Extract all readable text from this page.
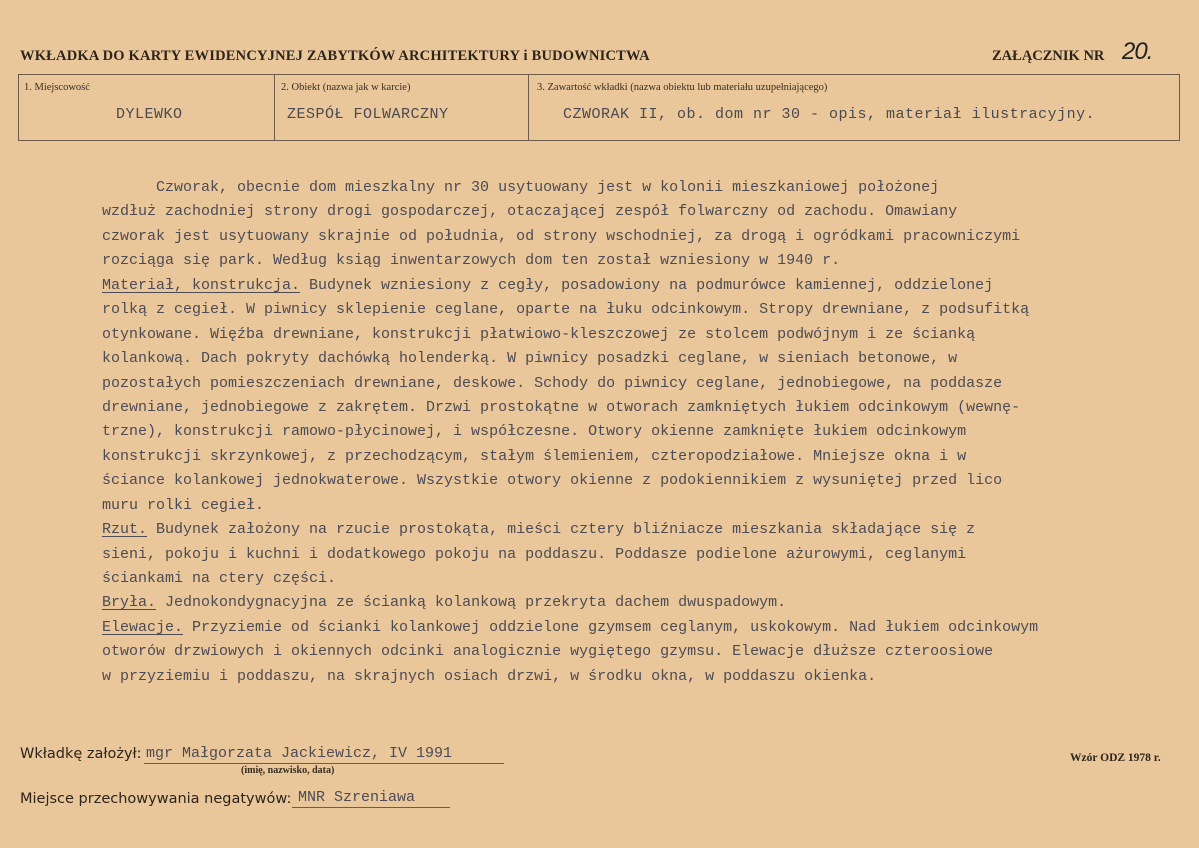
WKŁADKA DO KARTY EWIDENCYJNEJ ZABYTKÓW ARCHITEKTURY i BUDOWNICTWA	ZAŁĄCZNIK NR 20.
1. Miejscowość
DYLEWKO
2. Obiekt (nazwa jak w karcie)
ZESPÓŁ FOLWARCZNY
3. Zawartość wkładki (nazwa obiektu lub materiału uzupełniającego)
CZWORAK II, ob. dom nr 30 - opis, materiał ilustracyjny.
Czworak, obecnie dom mieszkalny nr 30 usytuowany jest w kolonii mieszkaniowej położonej
wzdłuż zachodniej strony drogi gospodarczej, otaczającej zespół folwarczny od zachodu. Omawiany
czworak jest usytuowany skrajnie od południa, od strony wschodniej, za drogą i ogródkami pracowniczymi
rozciąga się park. Według ksiąg inwentarzowych dom ten został wzniesiony w 1940 r.
Materiał, konstrukcja. Budynek wzniesiony z cegły, posadowiony na podmurówce kamiennej, oddzielonej
rolką z cegieł. W piwnicy sklepienie ceglane, oparte na łuku odcinkowym. Stropy drewniane, z podsufitką
otynkowane. Więźba drewniane, konstrukcji płatwiowo-kleszczowej ze stolcem podwójnym i ze ścianką
kolankową. Dach pokryty dachówką holenderką. W piwnicy posadzki ceglane, w sieniach betonowe, w
pozostałych pomieszczeniach drewniane, deskowe. Schody do piwnicy ceglane, jednobiegowe, na poddasze
drewniane, jednobiegowe z zakrętem. Drzwi prostokątne w otworach zamkniętych łukiem odcinkowym (wewnę-
trzne), konstrukcji ramowo-płycinowej, i współczesne. Otwory okienne zamknięte łukiem odcinkowym
konstrukcji skrzynkowej, z przechodzącym, stałym ślemieniem, czteropodziałowe. Mniejsze okna i w
ściance kolankowej jednokwaterowe. Wszystkie otwory okienne z podokiennikiem z wysuniętej przed lico
muru rolki cegieł.
Rzut. Budynek założony na rzucie prostokąta, mieści cztery bliźniacze mieszkania składające się z
sieni, pokoju i kuchni i dodatkowego pokoju na poddaszu. Poddasze podielone ażurowymi, ceglanymi
ściankami na ctery części.
Bryła. Jednokondygnacyjna ze ścianką kolankową przekryta dachem dwuspadowym.
Elewacje. Przyziemie od ścianki kolankowej oddzielone gzymsem ceglanym, uskokowym. Nad łukiem odcinkowym
otworów drzwiowych i okiennych odcinki analogicznie wygiętego gzymsu. Elewacje dłuższe czteroosiowe
w przyziemiu i poddaszu, na skrajnych osiach drzwi, w środku okna, w poddaszu okienka.
Wkładkę założył: mgr Małgorzata Jackiewicz, IV 1991
(imię, nazwisko, data)
Wzór ODZ 1978 r.
Miejsce przechowywania negatywów: MNR Szreniawa
